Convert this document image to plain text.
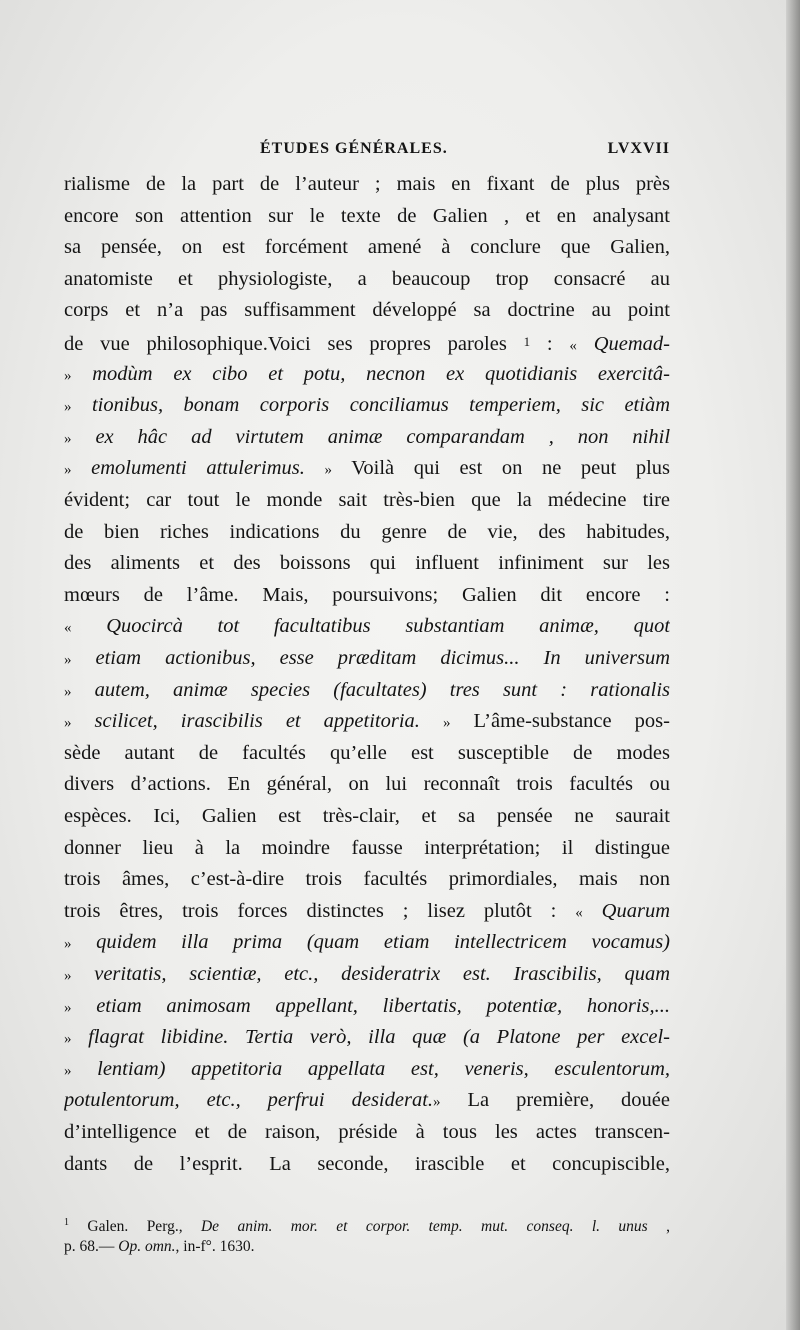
ÉTUDES GÉNÉRALES.	LVXVII
rialisme de la part de l’auteur ; mais en fixant de plus près
encore son attention sur le texte de Galien , et en analysant
sa pensée, on est forcément amené à conclure que Galien,
anatomiste et physiologiste, a beaucoup trop consacré au
corps et n’a pas suffisamment développé sa doctrine au point
de vue philosophique.Voici ses propres paroles 1 : « Quemad-
» modùm ex cibo et potu, necnon ex quotidianis exercitâ-
» tionibus, bonam corporis conciliamus temperiem, sic etiàm
» ex hâc ad virtutem animæ comparandam , non nihil
» emolumenti attulerimus. » Voilà qui est on ne peut plus
évident; car tout le monde sait très-bien que la médecine tire
de bien riches indications du genre de vie, des habitudes,
des aliments et des boissons qui influent infiniment sur les
mœurs de l’âme. Mais, poursuivons; Galien dit encore :
« Quocircà tot facultatibus substantiam animæ, quot
» etiam actionibus, esse præditam dicimus... In universum
» autem, animæ species (facultates) tres sunt : rationalis
» scilicet, irascibilis et appetitoria. » L’âme-substance pos-
sède autant de facultés qu’elle est susceptible de modes
divers d’actions. En général, on lui reconnaît trois facultés ou
espèces. Ici, Galien est très-clair, et sa pensée ne saurait
donner lieu à la moindre fausse interprétation; il distingue
trois âmes, c’est-à-dire trois facultés primordiales, mais non
trois êtres, trois forces distinctes ; lisez plutôt : « Quarum
» quidem illa prima (quam etiam intellectricem vocamus)
» veritatis, scientiæ, etc., desideratrix est. Irascibilis, quam
» etiam animosam appellant, libertatis, potentiæ, honoris,...
» flagrat libidine. Tertia verò, illa quæ (a Platone per excel-
» lentiam) appetitoria appellata est, veneris, esculentorum,
potulentorum, etc., perfrui desiderat.» La première, douée
d’intelligence et de raison, préside à tous les actes transcen-
dants de l’esprit. La seconde, irascible et concupiscible,
$^1$ Galen. Perg., De anim. mor. et corpor. temp. mut. conseq. l. unus ,
p. 68.— Op. omn., in-f°. 1630.
